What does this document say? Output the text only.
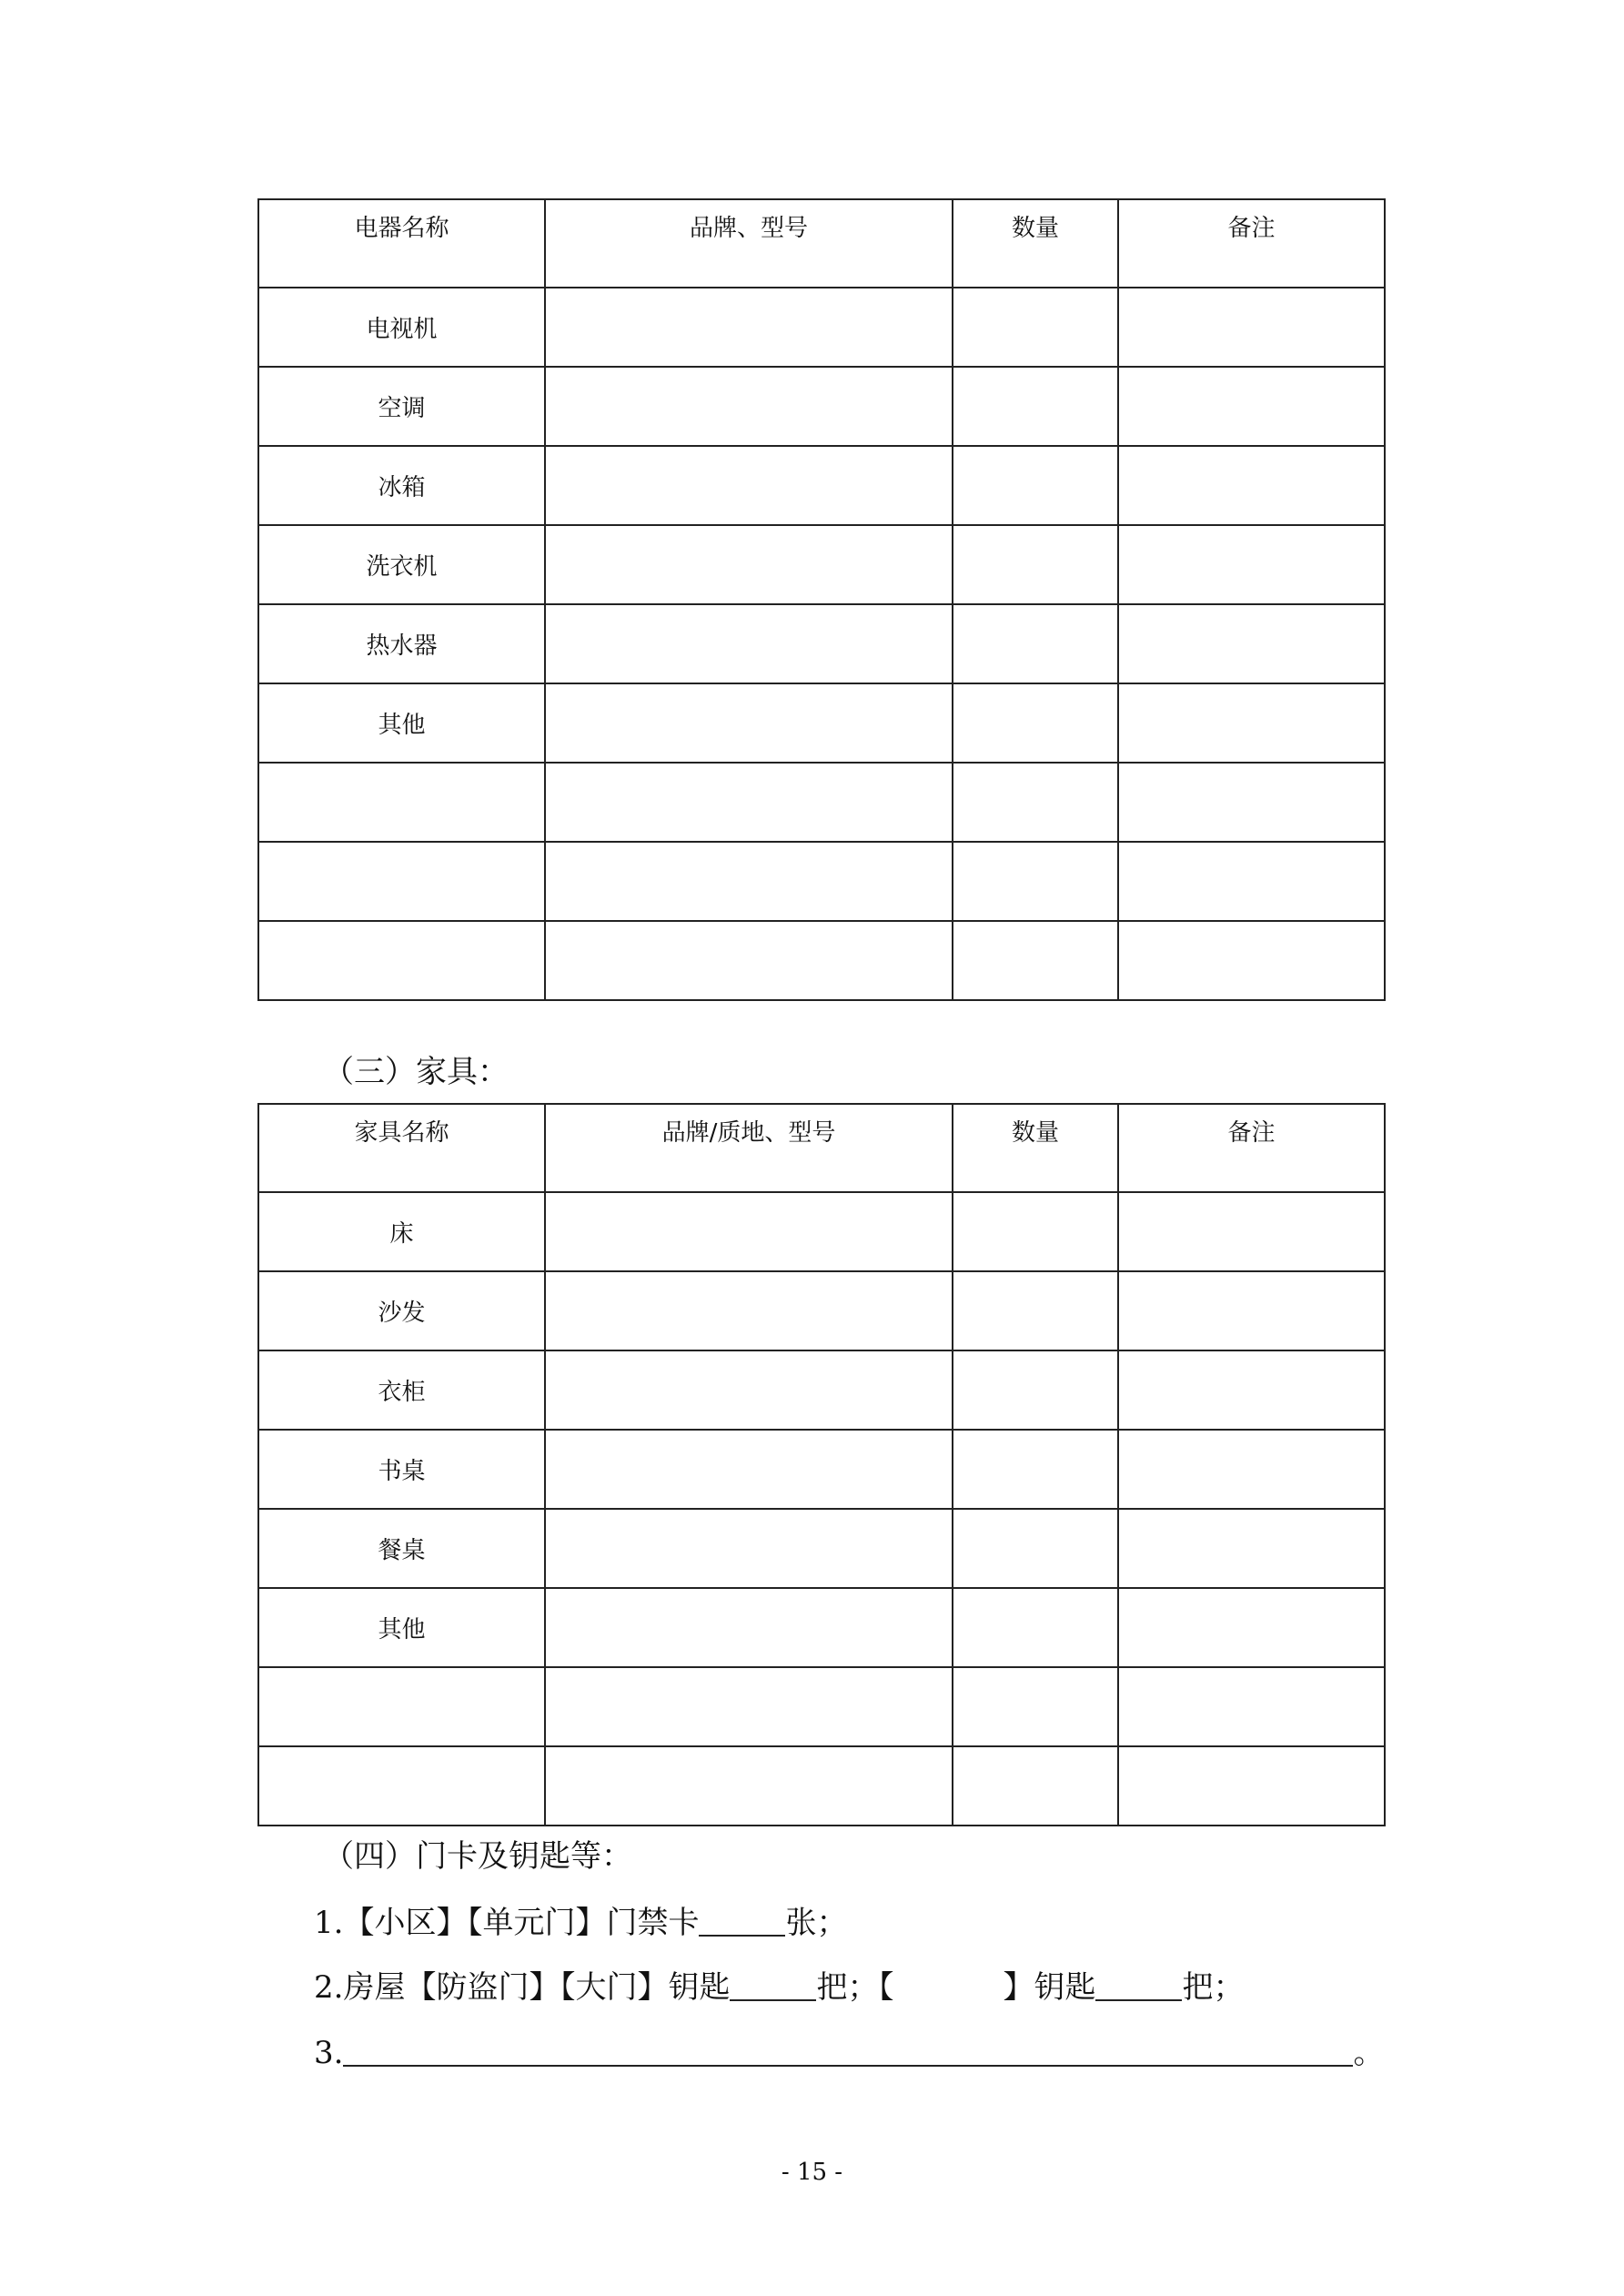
电器名称	品牌、型号	数量	备注
电视机			
空调			
冰箱			
洗衣机			
热水器			
其他			

（三）家具：
家具名称	品牌/质地、型号	数量	备注
床			
沙发			
衣柜			
书桌			
餐桌			
其他			

（四）门卡及钥匙等：
1.【小区】【单元门】门禁卡	张；
2.房屋【防盗门】【大门】钥匙	把；【	】钥匙	把；
3.	。
- 15 -
